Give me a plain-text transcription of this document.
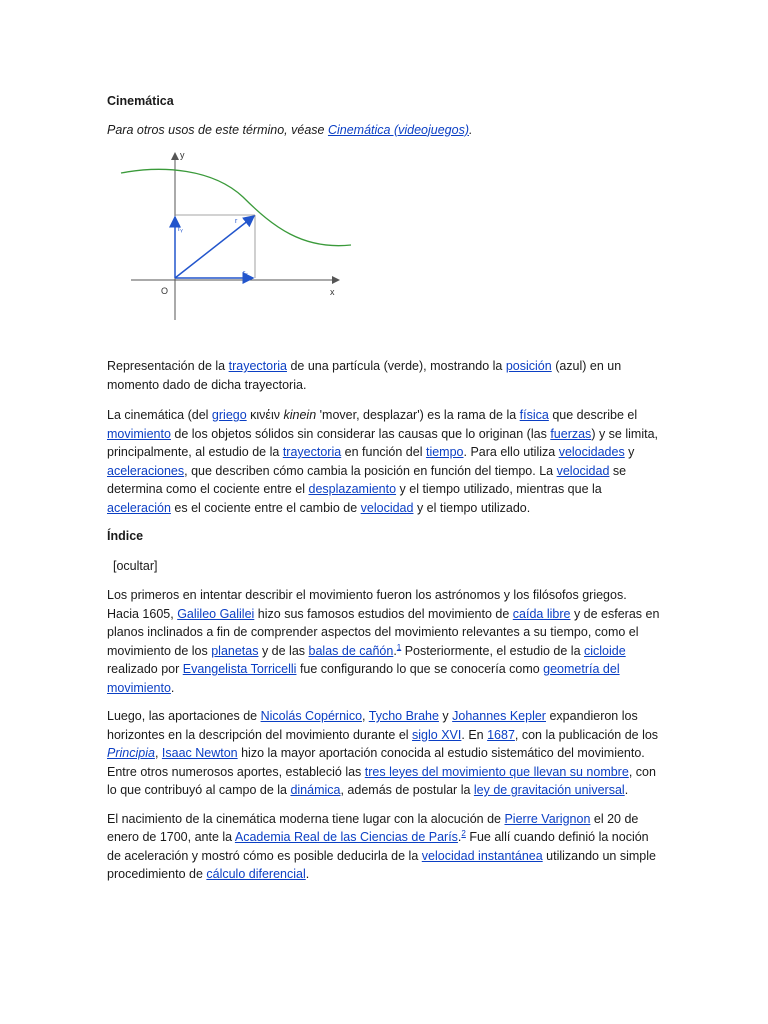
Cinemática

Para otros usos de este término, véase Cinemática (videojuegos).

y
x
O
r
rₓ
rᵧ

Representación de la trayectoria de una partícula (verde), mostrando la posición (azul) en un momento dado de dicha trayectoria.

La cinemática (del griego κινέιν kinein 'mover, desplazar') es la rama de la física que describe el movimiento de los objetos sólidos sin considerar las causas que lo originan (las fuerzas) y se limita, principalmente, al estudio de la trayectoria en función del tiempo. Para ello utiliza velocidades y aceleraciones, que describen cómo cambia la posición en función del tiempo. La velocidad se determina como el cociente entre el desplazamiento y el tiempo utilizado, mientras que la aceleración es el cociente entre el cambio de velocidad y el tiempo utilizado.

Índice

[ocultar]

Los primeros en intentar describir el movimiento fueron los astrónomos y los filósofos griegos. Hacia 1605, Galileo Galilei hizo sus famosos estudios del movimiento de caída libre y de esferas en planos inclinados a fin de comprender aspectos del movimiento relevantes a su tiempo, como el movimiento de los planetas y de las balas de cañón.$^1$ Posteriormente, el estudio de la cicloide realizado por Evangelista Torricelli fue configurando lo que se conocería como geometría del movimiento.

Luego, las aportaciones de Nicolás Copérnico, Tycho Brahe y Johannes Kepler expandieron los horizontes en la descripción del movimiento durante el siglo XVI. En 1687, con la publicación de los Principia, Isaac Newton hizo la mayor aportación conocida al estudio sistemático del movimiento. Entre otros numerosos aportes, estableció las tres leyes del movimiento que llevan su nombre, con lo que contribuyó al campo de la dinámica, además de postular la ley de gravitación universal.

El nacimiento de la cinemática moderna tiene lugar con la alocución de Pierre Varignon el 20 de enero de 1700, ante la Academia Real de las Ciencias de París.$^2$ Fue allí cuando definió la noción de aceleración y mostró cómo es posible deducirla de la velocidad instantánea utilizando un simple procedimiento de cálculo diferencial.
